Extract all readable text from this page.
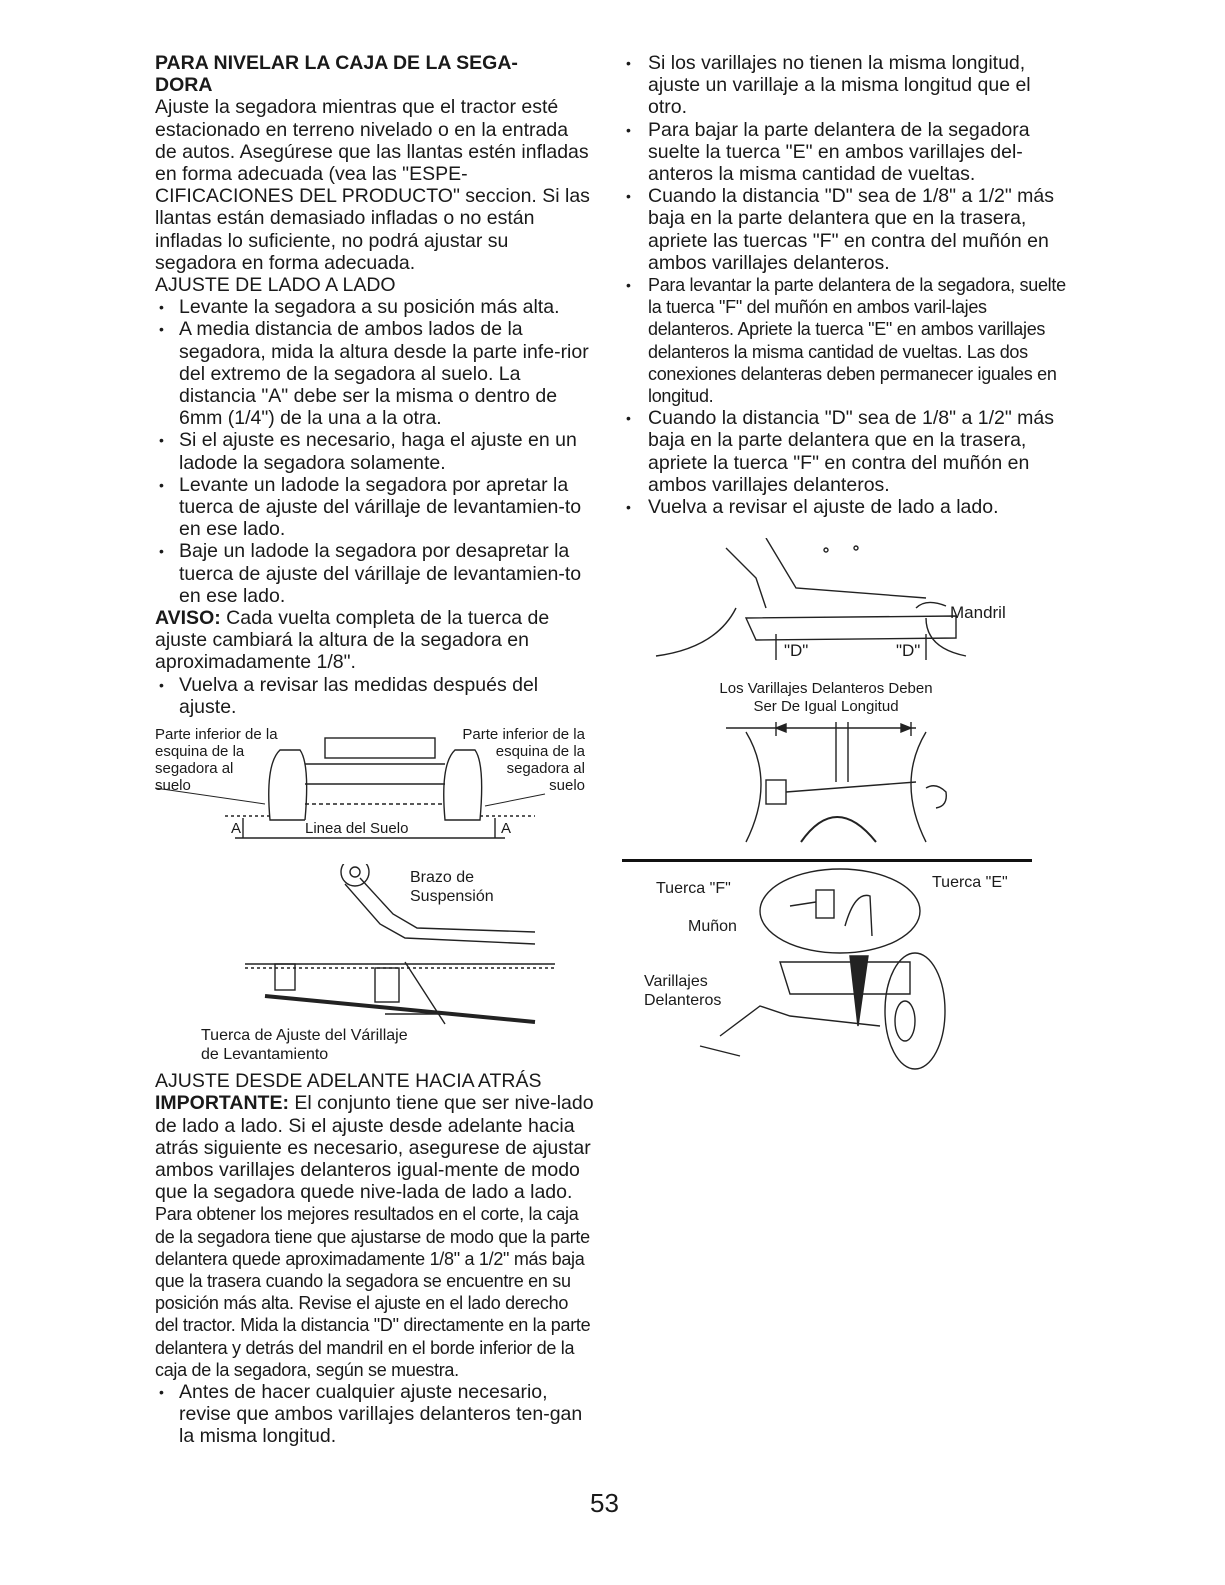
PARA NIVELAR LA CAJA DE LA SEGA-
DORA

Ajuste la segadora mientras que el tractor esté estacionado en terreno nivelado o en la entrada de autos. Asegúrese que las llantas estén infladas en forma adecuada (vea las "ESPE-CIFICACIONES DEL PRODUCTO" seccion. Si las llantas están demasiado infladas o no están infladas lo suficiente, no podrá ajustar su segadora en forma adecuada.

AJUSTE DE LADO A LADO

• Levante la segadora a su posición más alta.
• A media distancia de ambos lados de la segadora, mida la altura desde la parte infe-rior del extremo de la segadora al suelo. La distancia "A" debe ser la misma o dentro de 6mm (1/4") de la una a la otra.
• Si el ajuste es necesario, haga el ajuste en un ladode la segadora solamente.
• Levante un ladode la segadora por apretar la tuerca de ajuste del várillaje de levantamien-to en ese lado.
• Baje un ladode la segadora por desapretar la tuerca de ajuste del várillaje de levantamien-to en ese lado.

AVISO: Cada vuelta completa de la tuerca de ajuste cambiará la altura de la segadora en aproximadamente 1/8".

• Vuelva a revisar las medidas después del ajuste.
Parte inferior de la
esquina de la
segadora al
suelo
Parte inferior de la
esquina de la
segadora al
suelo
Linea del Suelo
A	A
Brazo de
Suspensión
Tuerca de Ajuste del Várillaje
de Levantamiento

AJUSTE DESDE ADELANTE HACIA ATRÁS

IMPORTANTE: El conjunto tiene que ser nive-lado de lado a lado. Si el ajuste desde adelante hacia atrás siguiente es necesario, asegurese de ajustar ambos varillajes delanteros igual-mente de modo que la segadora quede nive-lada de lado a lado.

Para obtener los mejores resultados en el corte, la caja de la segadora tiene que ajustarse de modo que la parte delantera quede aproximadamente 1/8" a 1/2" más baja que la trasera cuando la segadora se encuentre en su posición más alta. Revise el ajuste en el lado derecho del tractor. Mida la distancia "D" directamente en la parte delantera y detrás del mandril en el borde inferior de la caja de la segadora, según se muestra.

• Antes de hacer cualquier ajuste necesario, revise que ambos varillajes delanteros ten-gan la misma longitud.
• Si los varillajes no tienen la misma longitud, ajuste un varillaje a la misma longitud que el otro.
• Para bajar la parte delantera de la segadora suelte la tuerca "E" en ambos varillajes del-anteros la misma cantidad de vueltas.
• Cuando la distancia "D" sea de 1/8" a 1/2" más baja en la parte delantera que en la trasera, apriete las tuercas "F" en contra del muñón en ambos varillajes delanteros.
• Para levantar la parte delantera de la segadora, suelte la tuerca "F" del muñón en ambos varil-lajes delanteros. Apriete la tuerca "E" en ambos varillajes delanteros la misma cantidad de vueltas. Las dos conexiones delanteras deben permanecer iguales en longitud.
• Cuando la distancia "D" sea de 1/8" a 1/2" más baja en la parte delantera que en la trasera, apriete la tuerca "F" en contra del muñón en ambos varillajes delanteros.
• Vuelva a revisar el ajuste de lado a lado.
Mandril
"D"	"D"
Los Varillajes Delanteros Deben
Ser De Igual Longitud
Tuerca "F"	Tuerca "E"
Muñon
Varillajes
Delanteros
53
